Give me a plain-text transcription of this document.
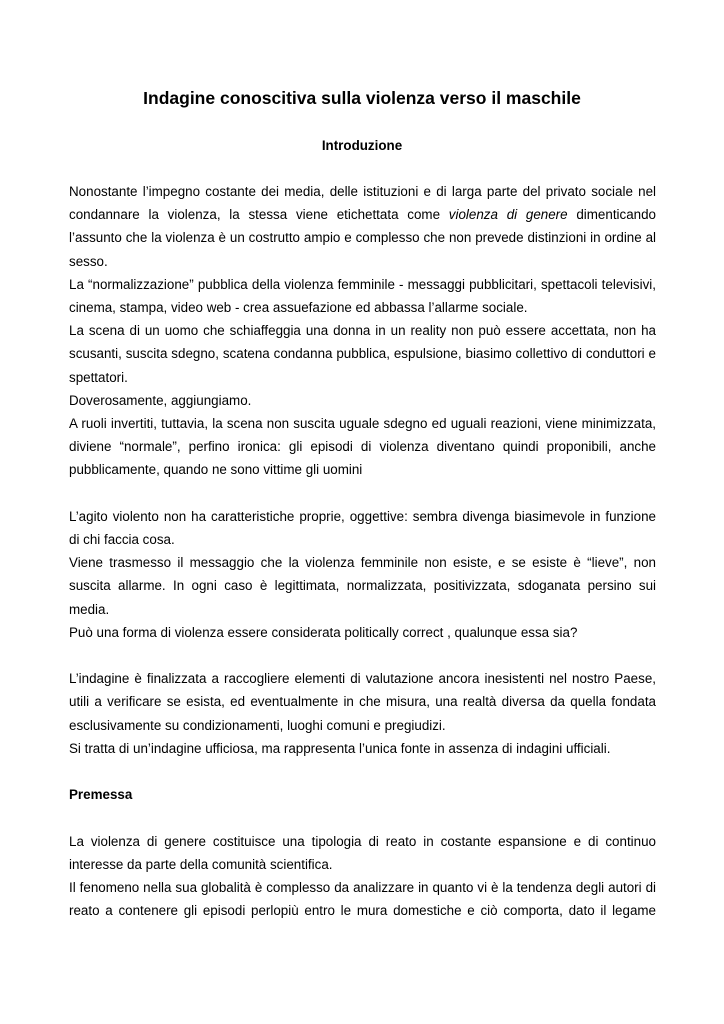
Indagine conoscitiva sulla violenza verso il maschile
Introduzione

Nonostante l’impegno costante dei media, delle istituzioni e di larga parte del privato sociale nel condannare la violenza, la stessa viene etichettata come violenza di genere dimenticando l’assunto che la violenza è un costrutto ampio e complesso che non prevede distinzioni in ordine al sesso.

La “normalizzazione” pubblica della violenza femminile - messaggi pubblicitari, spettacoli televisivi, cinema, stampa, video web - crea assuefazione ed abbassa l’allarme sociale.

La scena di un uomo che schiaffeggia una donna in un reality non può essere accettata, non ha scusanti, suscita sdegno, scatena condanna pubblica, espulsione, biasimo collettivo di conduttori e spettatori.

Doverosamente, aggiungiamo.

A ruoli invertiti, tuttavia, la scena non suscita uguale sdegno ed uguali reazioni, viene minimizzata, diviene “normale”, perfino ironica: gli episodi di violenza diventano quindi proponibili, anche pubblicamente, quando ne sono vittime gli uomini

L’agito violento non ha caratteristiche proprie, oggettive: sembra divenga biasimevole in funzione di chi faccia cosa.

Viene trasmesso il messaggio che la violenza femminile non esiste, e se esiste è “lieve”, non suscita allarme. In ogni caso è legittimata, normalizzata, positivizzata, sdoganata persino sui media.

Può una forma di violenza essere considerata politically correct , qualunque essa sia?

L’indagine è finalizzata a raccogliere elementi di valutazione ancora inesistenti nel nostro Paese, utili a verificare se esista, ed eventualmente in che misura, una realtà diversa da quella fondata esclusivamente su condizionamenti, luoghi comuni e pregiudizi.

Si tratta di un’indagine ufficiosa, ma rappresenta l’unica fonte in assenza di indagini ufficiali.

Premessa

La violenza di genere costituisce una tipologia di reato in costante espansione e di continuo interesse da parte della comunità scientifica.

Il fenomeno nella sua globalità è complesso da analizzare in quanto vi è la tendenza degli autori di reato a contenere gli episodi perlopiù entro le mura domestiche e ciò comporta, dato il legame
